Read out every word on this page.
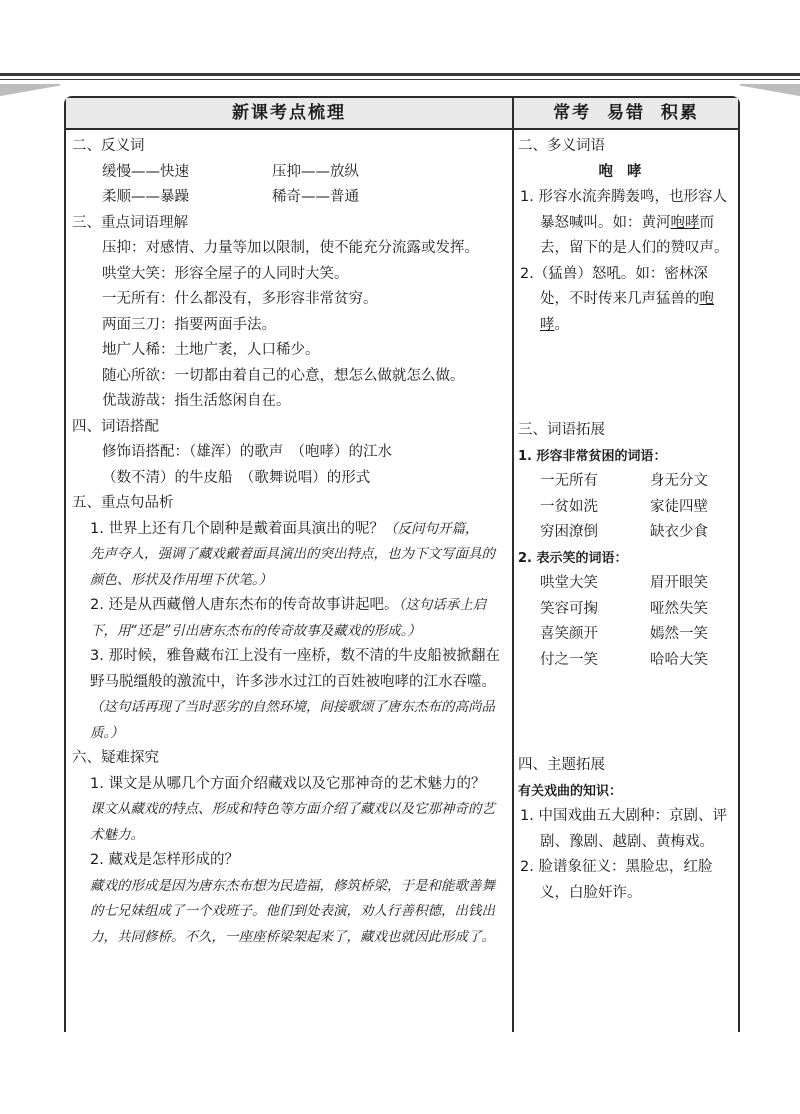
新课考点梳理	常考  易错  积累
二、反义词
缓慢——快速	压抑——放纵
柔顺——暴躁	稀奇——普通
三、重点词语理解
压抑：对感情、力量等加以限制，使不能充分流露或发挥。
哄堂大笑：形容全屋子的人同时大笑。
一无所有：什么都没有，多形容非常贫穷。
两面三刀：指要两面手法。
地广人稀：土地广袤，人口稀少。
随心所欲：一切都由着自己的心意，想怎么做就怎么做。
优哉游哉：指生活悠闲自在。
四、词语搭配
修饰语搭配：（雄浑）的歌声　（咆哮）的江水
（数不清）的牛皮船　（歌舞说唱）的形式
五、重点句品析
1. 世界上还有几个剧种是戴着面具演出的呢？（反问句开篇，
先声夺人，强调了藏戏戴着面具演出的突出特点，也为下文写面具的颜色、形状及作用埋下伏笔。）
2. 还是从西藏僧人唐东杰布的传奇故事讲起吧。（这句话承上启下，用“还是”引出唐东杰布的传奇故事及藏戏的形成。）
3. 那时候，雅鲁藏布江上没有一座桥，数不清的牛皮船被掀翻在野马脱缰般的激流中，许多涉水过江的百姓被咆哮的江水吞噬。（这句话再现了当时恶劣的自然环境，间接歌颂了唐东杰布的高尚品质。）
六、疑难探究
1. 课文是从哪几个方面介绍藏戏以及它那神奇的艺术魅力的？
课文从藏戏的特点、形成和特色等方面介绍了藏戏以及它那神奇的艺术魅力。
2. 藏戏是怎样形成的？
藏戏的形成是因为唐东杰布想为民造福，修筑桥梁，于是和能歌善舞的七兄妹组成了一个戏班子。他们到处表演，劝人行善积德，出钱出力，共同修桥。不久，一座座桥梁架起来了，藏戏也就因此形成了。
二、多义词语
咆哮
1. 形容水流奔腾轰鸣，也形容人暴怒喊叫。如：黄河咆哮而去，留下的是人们的赞叹声。
2.（猛兽）怒吼。如：密林深处，不时传来几声猛兽的咆哮。
三、词语拓展
1. 形容非常贫困的词语：
一无所有	身无分文
一贫如洗	家徒四壁
穷困潦倒	缺衣少食
2. 表示笑的词语：
哄堂大笑	眉开眼笑
笑容可掬	哑然失笑
喜笑颜开	嫣然一笑
付之一笑	哈哈大笑
四、主题拓展
有关戏曲的知识：
1. 中国戏曲五大剧种：京剧、评剧、豫剧、越剧、黄梅戏。
2. 脸谱象征义：黑脸忠，红脸义，白脸奸诈。
